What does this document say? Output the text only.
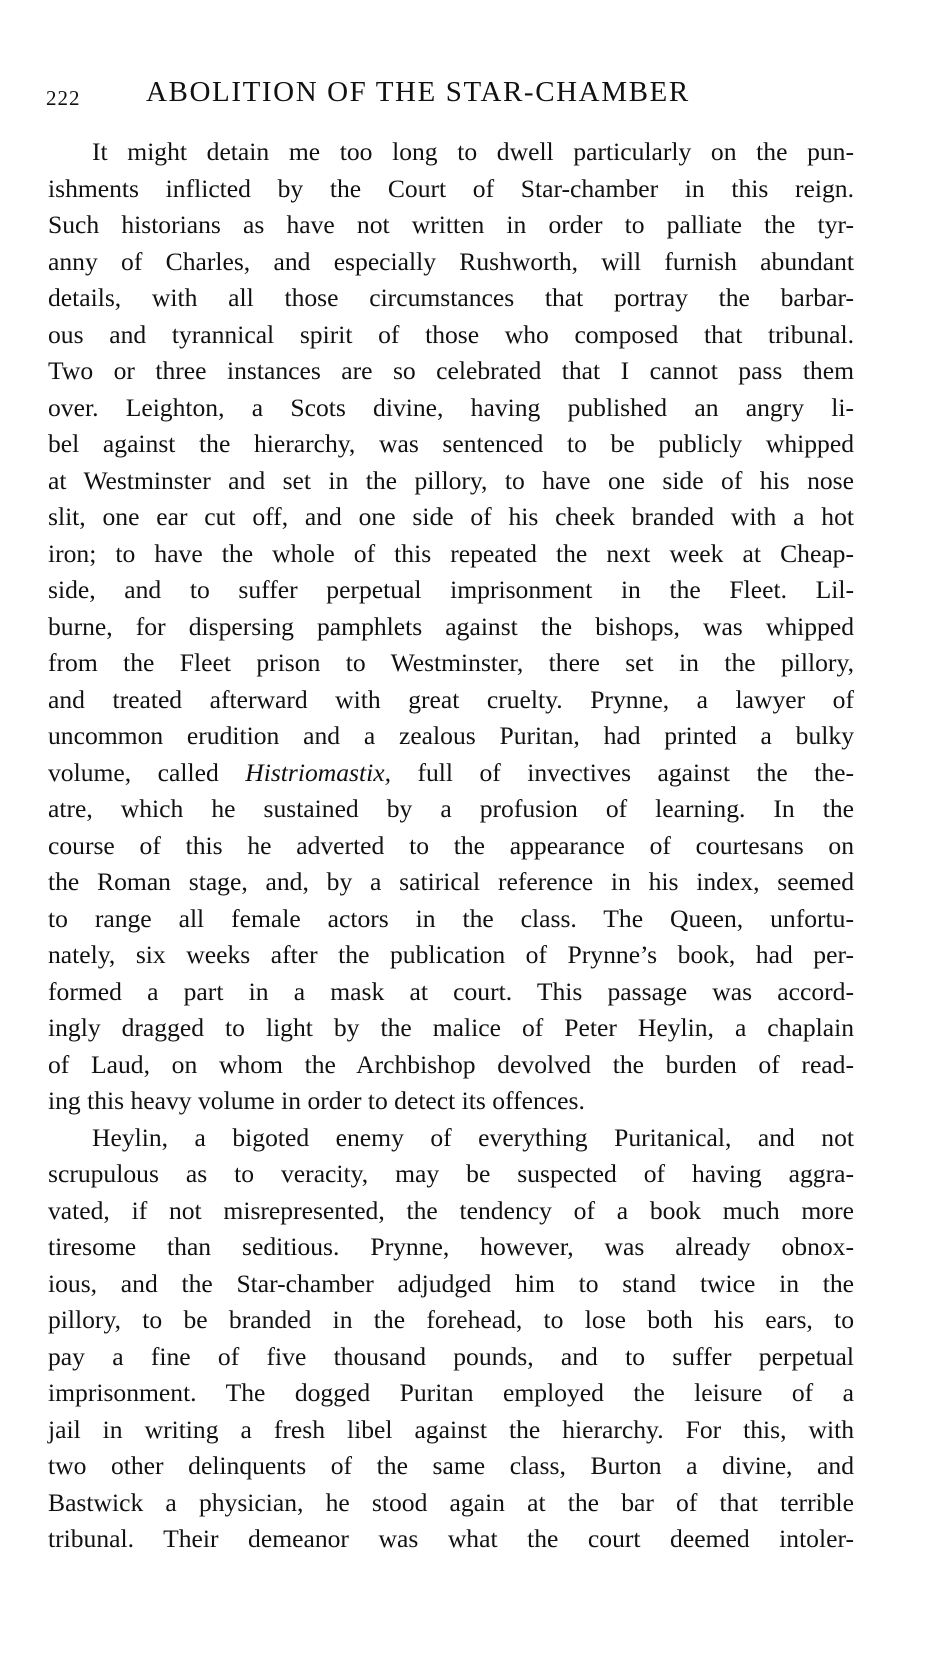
222 ABOLITION OF THE STAR-CHAMBER
It might detain me too long to dwell particularly on the pun-
ishments inflicted by the Court of Star-chamber in this reign.
Such historians as have not written in order to palliate the tyr-
anny of Charles, and especially Rushworth, will furnish abundant
details, with all those circumstances that portray the barbar-
ous and tyrannical spirit of those who composed that tribunal.
Two or three instances are so celebrated that I cannot pass them
over. Leighton, a Scots divine, having published an angry li-
bel against the hierarchy, was sentenced to be publicly whipped
at Westminster and set in the pillory, to have one side of his nose
slit, one ear cut off, and one side of his cheek branded with a hot
iron; to have the whole of this repeated the next week at Cheap-
side, and to suffer perpetual imprisonment in the Fleet. Lil-
burne, for dispersing pamphlets against the bishops, was whipped
from the Fleet prison to Westminster, there set in the pillory,
and treated afterward with great cruelty. Prynne, a lawyer of
uncommon erudition and a zealous Puritan, had printed a bulky
volume, called Histriomastix, full of invectives against the the-
atre, which he sustained by a profusion of learning. In the
course of this he adverted to the appearance of courtesans on
the Roman stage, and, by a satirical reference in his index, seemed
to range all female actors in the class. The Queen, unfortu-
nately, six weeks after the publication of Prynne’s book, had per-
formed a part in a mask at court. This passage was accord-
ingly dragged to light by the malice of Peter Heylin, a chaplain
of Laud, on whom the Archbishop devolved the burden of read-
ing this heavy volume in order to detect its offences.
Heylin, a bigoted enemy of everything Puritanical, and not
scrupulous as to veracity, may be suspected of having aggra-
vated, if not misrepresented, the tendency of a book much more
tiresome than seditious. Prynne, however, was already obnox-
ious, and the Star-chamber adjudged him to stand twice in the
pillory, to be branded in the forehead, to lose both his ears, to
pay a fine of five thousand pounds, and to suffer perpetual
imprisonment. The dogged Puritan employed the leisure of a
jail in writing a fresh libel against the hierarchy. For this, with
two other delinquents of the same class, Burton a divine, and
Bastwick a physician, he stood again at the bar of that terrible
tribunal. Their demeanor was what the court deemed intoler-
